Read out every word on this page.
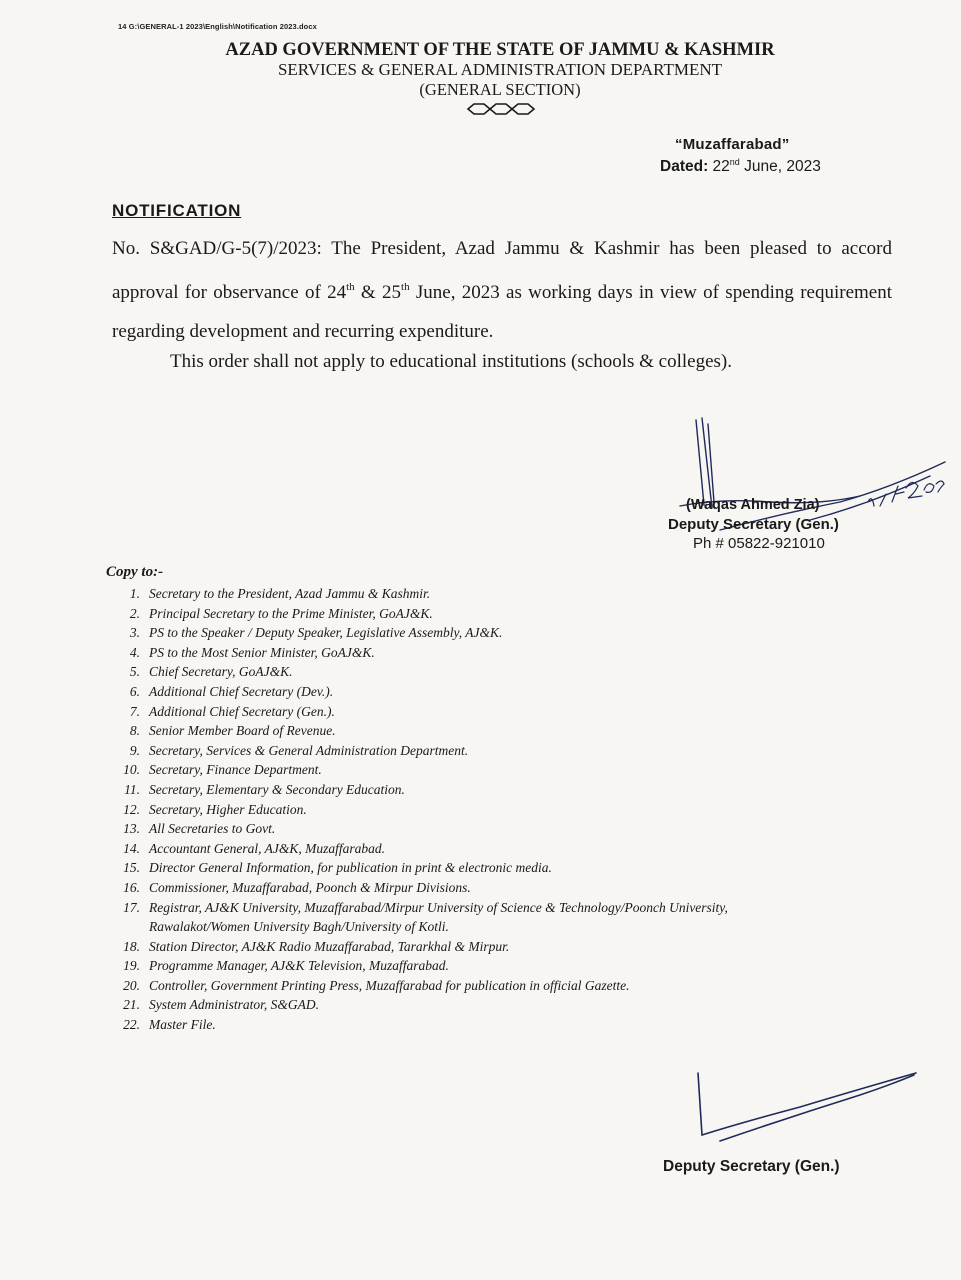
14 G:\GENERAL-1 2023\English\Notification 2023.docx
AZAD GOVERNMENT OF THE STATE OF JAMMU & KASHMIR
SERVICES & GENERAL ADMINISTRATION DEPARTMENT
(GENERAL SECTION)
“Muzaffarabad”
Dated: 22nd June, 2023
NOTIFICATION
No. S&GAD/G-5(7)/2023: The President, Azad Jammu & Kashmir has been pleased to accord approval for observance of 24th & 25th June, 2023 as working days in view of spending requirement regarding development and recurring expenditure.
This order shall not apply to educational institutions (schools & colleges).
(Waqas Ahmed Zia)
Deputy Secretary (Gen.)
Ph # 05822-921010
Copy to:-
1. Secretary to the President, Azad Jammu & Kashmir.
2. Principal Secretary to the Prime Minister, GoAJ&K.
3. PS to the Speaker / Deputy Speaker, Legislative Assembly, AJ&K.
4. PS to the Most Senior Minister, GoAJ&K.
5. Chief Secretary, GoAJ&K.
6. Additional Chief Secretary (Dev.).
7. Additional Chief Secretary (Gen.).
8. Senior Member Board of Revenue.
9. Secretary, Services & General Administration Department.
10. Secretary, Finance Department.
11. Secretary, Elementary & Secondary Education.
12. Secretary, Higher Education.
13. All Secretaries to Govt.
14. Accountant General, AJ&K, Muzaffarabad.
15. Director General Information, for publication in print & electronic media.
16. Commissioner, Muzaffarabad, Poonch & Mirpur Divisions.
17. Registrar, AJ&K University, Muzaffarabad/Mirpur University of Science & Technology/Poonch University,
Rawalakot/Women University Bagh/University of Kotli.
18. Station Director, AJ&K Radio Muzaffarabad, Tararkhal & Mirpur.
19. Programme Manager, AJ&K Television, Muzaffarabad.
20. Controller, Government Printing Press, Muzaffarabad for publication in official Gazette.
21. System Administrator, S&GAD.
22. Master File.
Deputy Secretary (Gen.)
